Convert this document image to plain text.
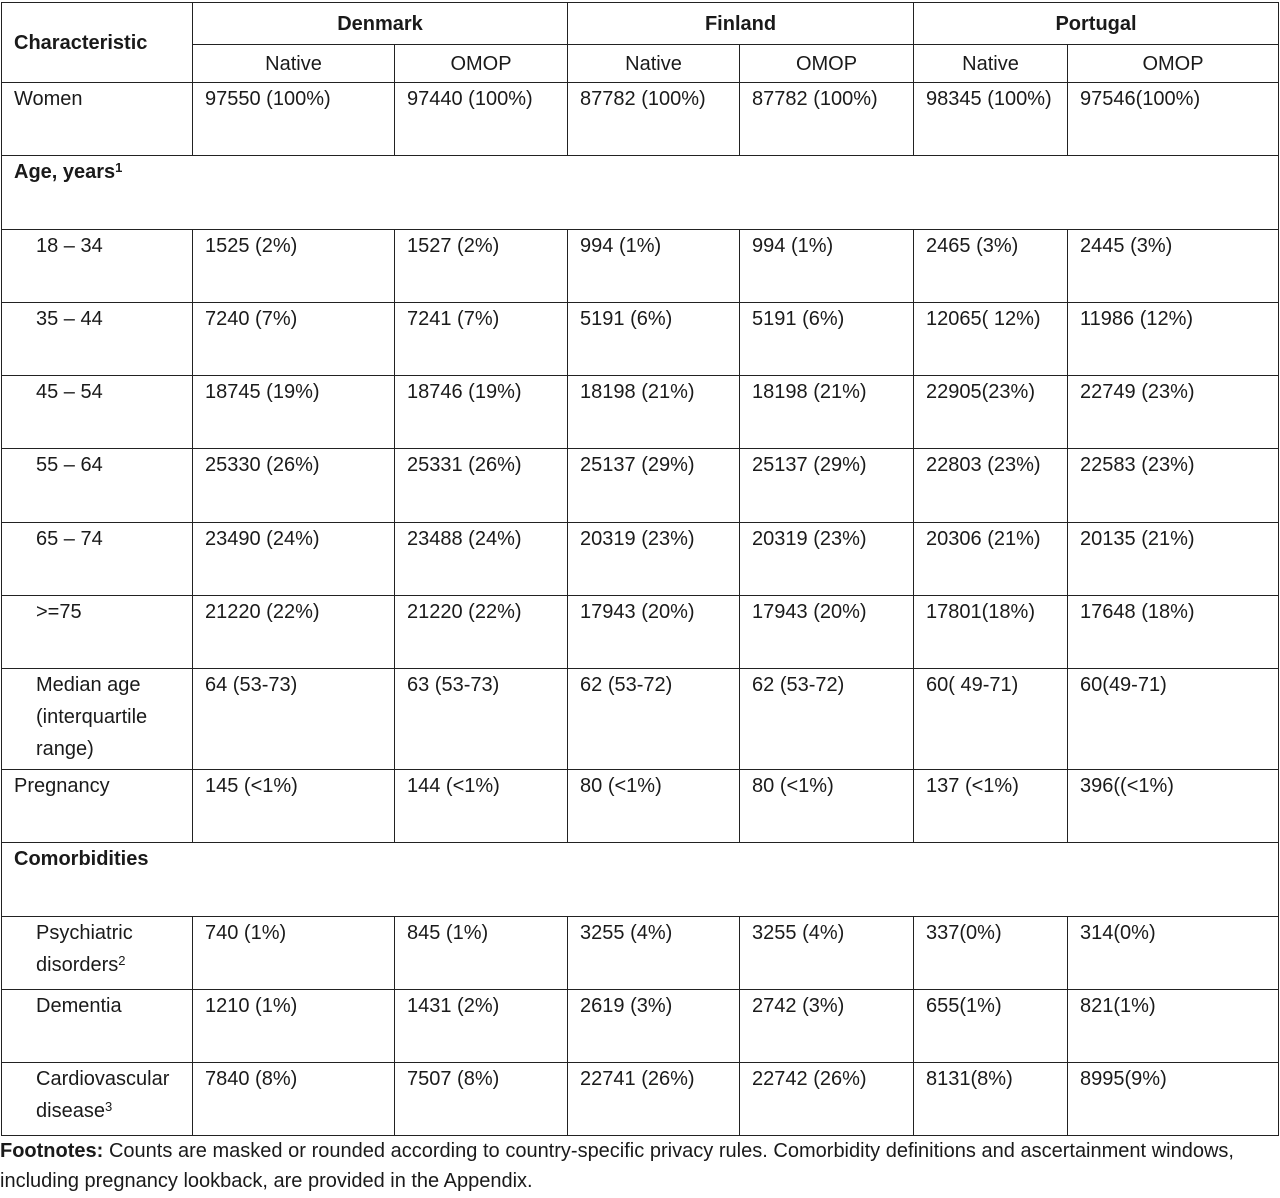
Characteristic	Denmark		Finland		Portugal	
	Native	OMOP	Native	OMOP	Native	OMOP
Women	97550 (100%)	97440 (100%)	87782 (100%)	87782 (100%)	98345 (100%)	97546(100%)
Age, years$^1$
18 – 34	1525 (2%)	1527 (2%)	994 (1%)	994 (1%)	2465 (3%)	2445 (3%)
35 – 44	7240 (7%)	7241 (7%)	5191 (6%)	5191 (6%)	12065( 12%)	11986 (12%)
45 – 54	18745 (19%)	18746 (19%)	18198 (21%)	18198 (21%)	22905(23%)	22749 (23%)
55 – 64	25330 (26%)	25331 (26%)	25137 (29%)	25137 (29%)	22803 (23%)	22583 (23%)
65 – 74	23490 (24%)	23488 (24%)	20319 (23%)	20319 (23%)	20306 (21%)	20135 (21%)
>=75	21220 (22%)	21220 (22%)	17943 (20%)	17943 (20%)	17801(18%)	17648 (18%)
Median age (interquartile range)	64 (53-73)	63 (53-73)	62 (53-72)	62 (53-72)	60( 49-71)	60(49-71)
Pregnancy	145 (<1%)	144 (<1%)	80 (<1%)	80 (<1%)	137 (<1%)	396((<1%)
Comorbidities						
Psychiatric disorders$^2$	740 (1%)	845 (1%)	3255 (4%)	3255 (4%)	337(0%)	314(0%)
Dementia	1210 (1%)	1431 (2%)	2619 (3%)	2742 (3%)	655(1%)	821(1%)
Cardiovascular disease$^3$	7840 (8%)	7507 (8%)	22741 (26%)	22742 (26%)	8131(8%)	8995(9%)
Footnotes: Counts are masked or rounded according to country-specific privacy rules. Comorbidity definitions and ascertainment windows, including pregnancy lookback, are provided in the Appendix.
